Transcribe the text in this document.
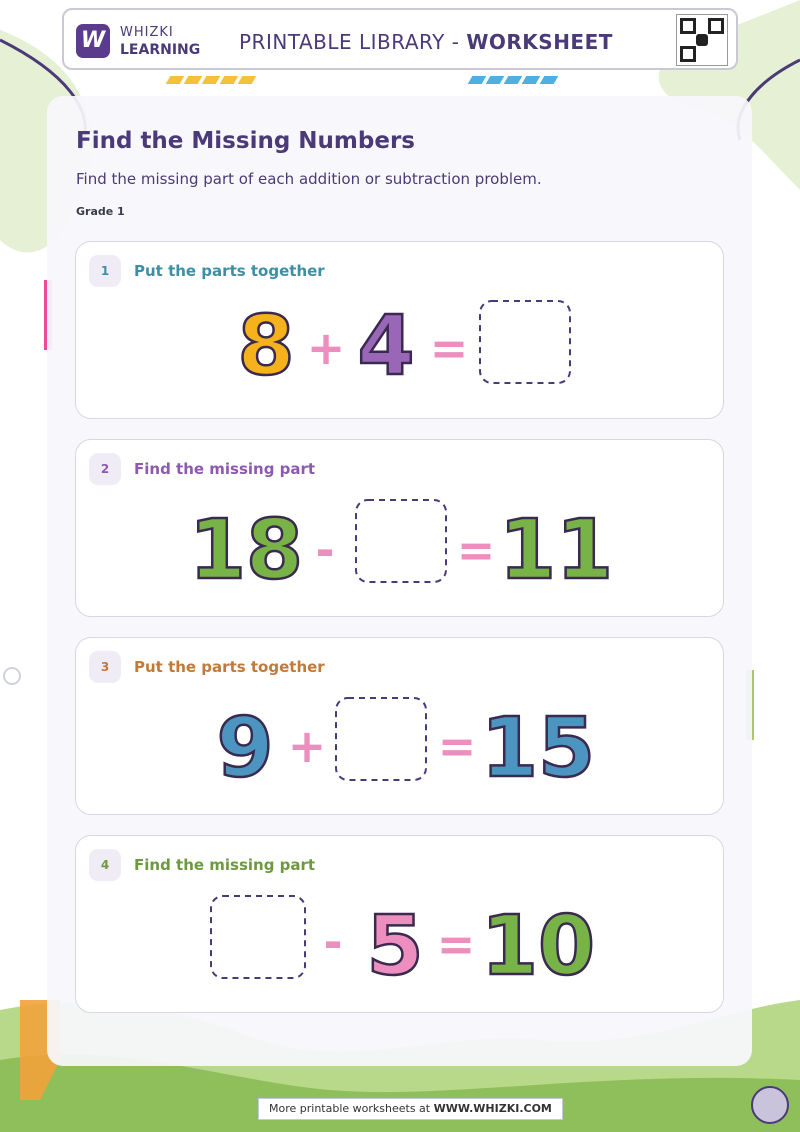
W	WHIZKI
LEARNING PRINTABLE LIBRARY - WORKSHEET
Find the Missing Numbers
Find the missing part of each addition or subtraction problem.
Grade 1
1	Put the parts together
8 + 4 =
2	Find the missing part
18 -	= 11
3	Put the parts together
9 + = 15
4	Find the missing part
- 5 = 10
More printable worksheets at WWW.WHIZKI.COM
